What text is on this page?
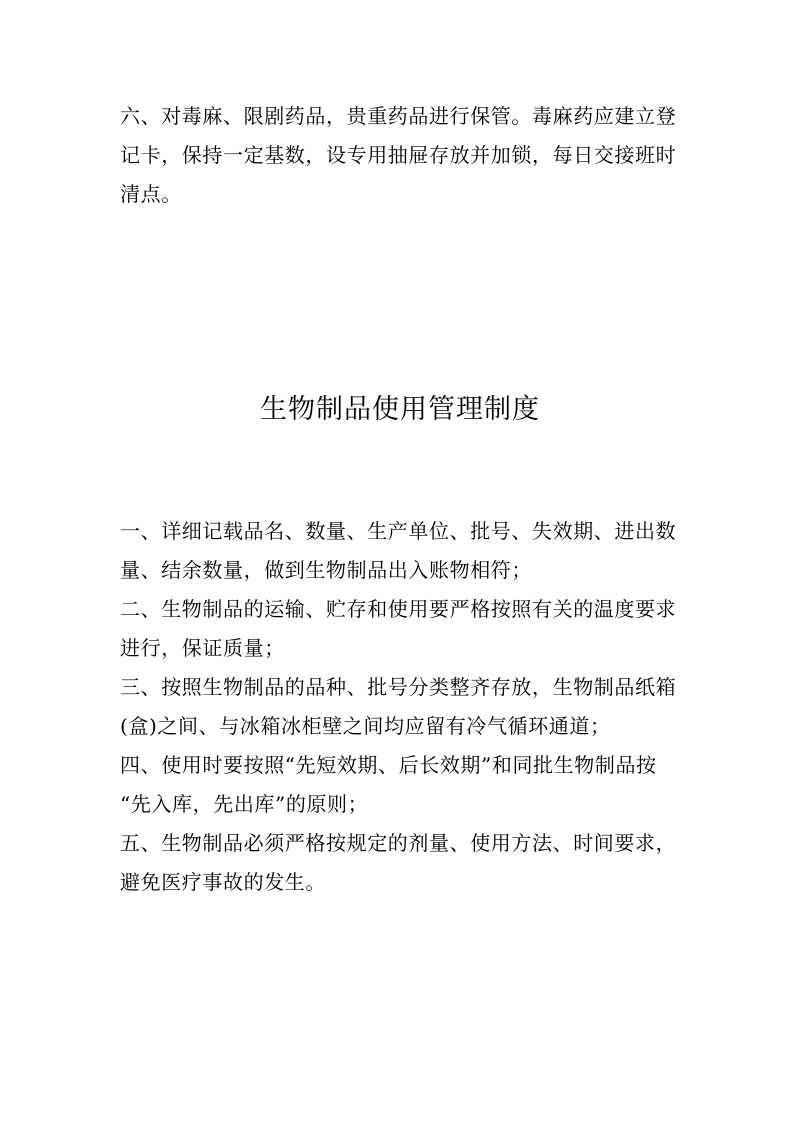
六、对毒麻、限剧药品，贵重药品进行保管。毒麻药应建立登
记卡，保持一定基数，设专用抽屉存放并加锁，每日交接班时
清点。

生物制品使用管理制度
一、详细记载品名、数量、生产单位、批号、失效期、进出数
量、结余数量，做到生物制品出入账物相符；
二、生物制品的运输、贮存和使用要严格按照有关的温度要求
进行，保证质量；
三、按照生物制品的品种、批号分类整齐存放，生物制品纸箱
(盒)之间、与冰箱冰柜壁之间均应留有冷气循环通道；
四、使用时要按照“先短效期、后长效期”和同批生物制品按
“先入库，先出库”的原则；
五、生物制品必须严格按规定的剂量、使用方法、时间要求，
避免医疗事故的发生。
